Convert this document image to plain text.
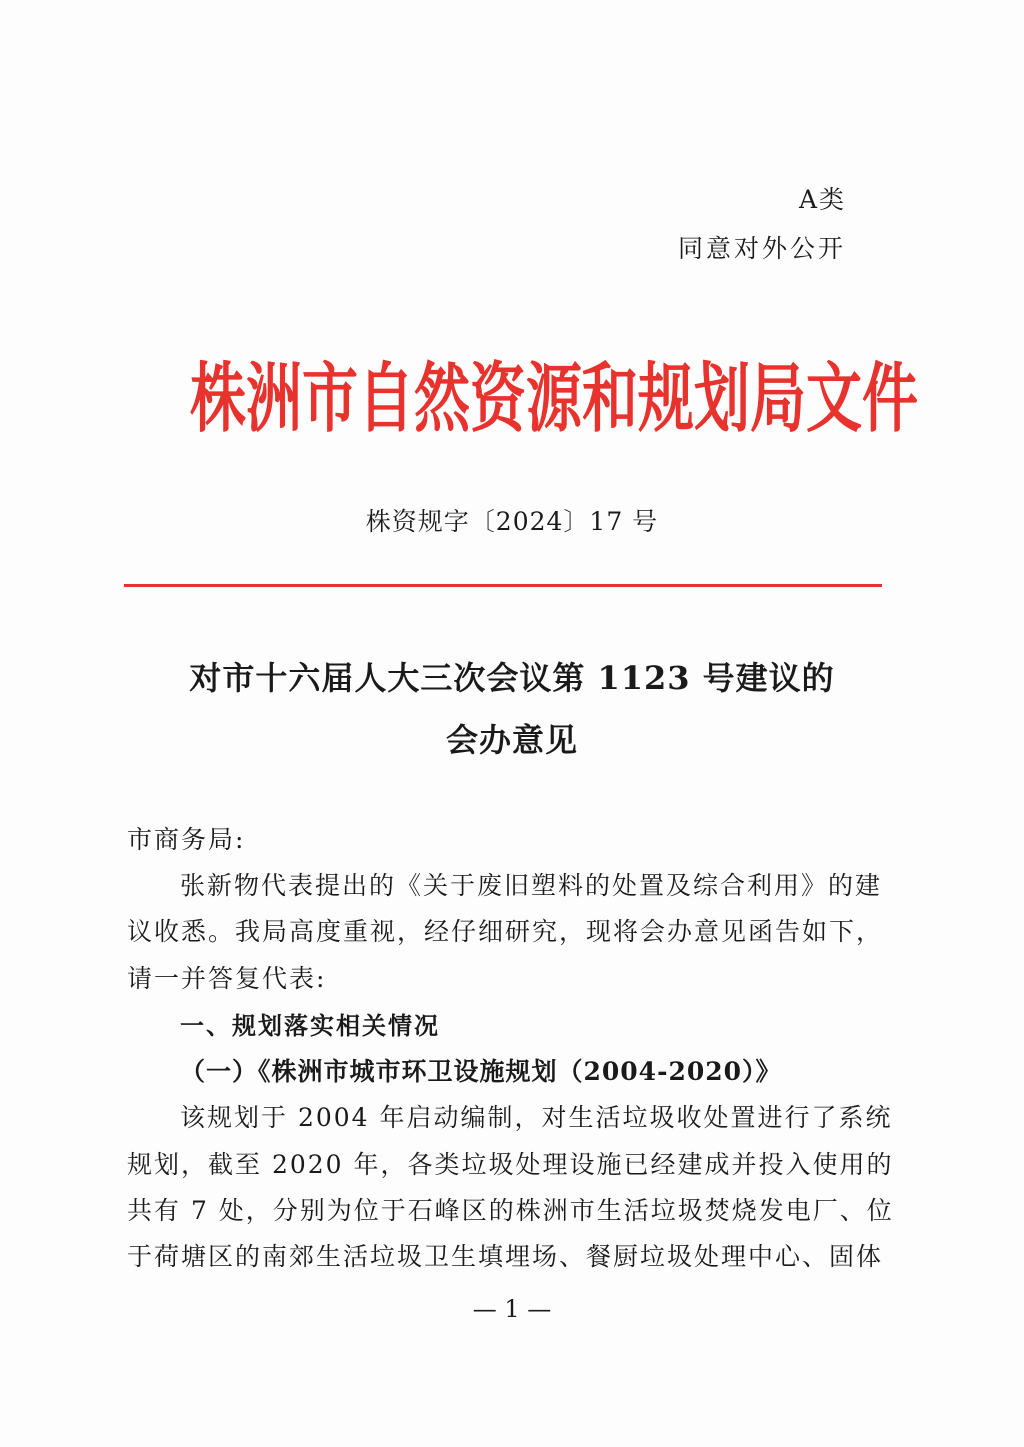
A类
同意对外公开
株洲市自然资源和规划局文件
株资规字〔2024〕17 号
对市十六届人大三次会议第 1123 号建议的
会办意见
市商务局:
张新物代表提出的《关于废旧塑料的处置及综合利用》的建
议收悉。我局高度重视，经仔细研究，现将会办意见函告如下，
请一并答复代表:
一、规划落实相关情况
（一）《株洲市城市环卫设施规划（2004-2020）》
该规划于 2004 年启动编制，对生活垃圾收处置进行了系统
规划，截至 2020 年，各类垃圾处理设施已经建成并投入使用的
共有 7 处，分别为位于石峰区的株洲市生活垃圾焚烧发电厂、位
于荷塘区的南郊生活垃圾卫生填埋场、餐厨垃圾处理中心、固体
— 1 —
